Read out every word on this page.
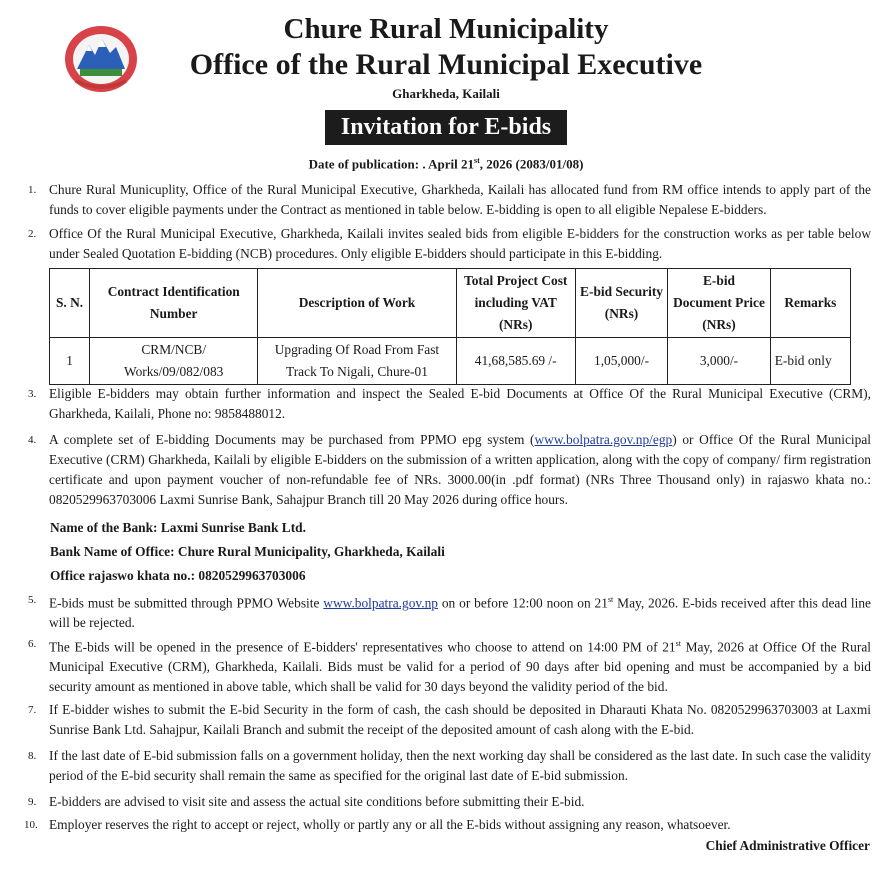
Chure Rural Municipality
Office of the Rural Municipal Executive
Gharkheda, Kailali
Invitation for E-bids
Date of publication: . April 21st, 2026 (2083/01/08)
1. Chure Rural Municuplity, Office of the Rural Municipal Executive, Gharkheda, Kailali has allocated fund from RM office intends to apply part of the funds to cover eligible payments under the Contract as mentioned in table below. E-bidding is open to all eligible Nepalese E-bidders.
2. Office Of the Rural Municipal Executive, Gharkheda, Kailali invites sealed bids from eligible E-bidders for the construction works as per table below under Sealed Quotation E-bidding (NCB) procedures. Only eligible E-bidders should participate in this E-bidding.
S. N.	Contract Identification Number	Description of Work	Total Project Cost including VAT (NRs)	E-bid Security (NRs)	E-bid Document Price (NRs)	Remarks
1	CRM/NCB/ Works/09/082/083	Upgrading Of Road From Fast Track To Nigali, Chure-01	41,68,585.69 /-	1,05,000/-	3,000/-	E-bid only
3. Eligible E-bidders may obtain further information and inspect the Sealed E-bid Documents at Office Of the Rural Municipal Executive (CRM), Gharkheda, Kailali, Phone no: 9858488012.
4. A complete set of E-bidding Documents may be purchased from PPMO epg system (www.bolpatra.gov.np/egp) or Office Of the Rural Municipal Executive (CRM) Gharkheda, Kailali by eligible E-bidders on the submission of a written application, along with the copy of company/ firm registration certificate and upon payment voucher of non-refundable fee of NRs. 3000.00(in .pdf format) (NRs Three Thousand only) in rajaswo khata no.: 0820529963703006 Laxmi Sunrise Bank, Sahajpur Branch till 20 May 2026 during office hours.
Name of the Bank: Laxmi Sunrise Bank Ltd.
Bank Name of Office: Chure Rural Municipality, Gharkheda, Kailali
Office rajaswo khata no.: 0820529963703006
5. E-bids must be submitted through PPMO Website www.bolpatra.gov.np on or before 12:00 noon on 21st May, 2026. E-bids received after this dead line will be rejected.
6. The E-bids will be opened in the presence of E-bidders' representatives who choose to attend on 14:00 PM of 21st May, 2026 at Office Of the Rural Municipal Executive (CRM), Gharkheda, Kailali. Bids must be valid for a period of 90 days after bid opening and must be accompanied by a bid security amount as mentioned in above table, which shall be valid for 30 days beyond the validity period of the bid.
7. If E-bidder wishes to submit the E-bid Security in the form of cash, the cash should be deposited in Dharauti Khata No. 0820529963703003 at Laxmi Sunrise Bank Ltd. Sahajpur, Kailali Branch and submit the receipt of the deposited amount of cash along with the E-bid.
8. If the last date of E-bid submission falls on a government holiday, then the next working day shall be considered as the last date. In such case the validity period of the E-bid security shall remain the same as specified for the original last date of E-bid submission.
9. E-bidders are advised to visit site and assess the actual site conditions before submitting their E-bid.
10. Employer reserves the right to accept or reject, wholly or partly any or all the E-bids without assigning any reason, whatsoever.
Chief Administrative Officer
